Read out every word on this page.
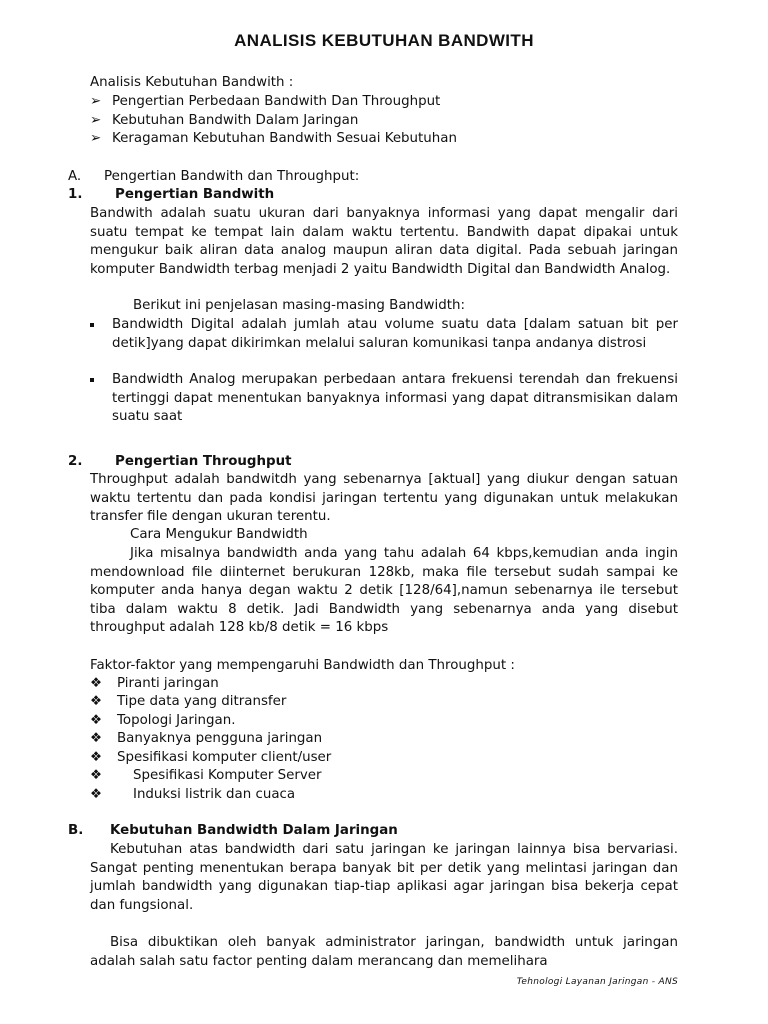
ANALISIS KEBUTUHAN BANDWITH
Analisis Kebutuhan Bandwith :
➢ Pengertian Perbedaan Bandwith Dan Throughput
➢ Kebutuhan Bandwith Dalam Jaringan
➢ Keragaman Kebutuhan Bandwith Sesuai Kebutuhan
A. Pengertian Bandwith dan Throughput:
1. Pengertian Bandwith

Bandwith adalah suatu ukuran dari banyaknya informasi yang dapat mengalir dari suatu tempat ke tempat lain dalam waktu tertentu. Bandwith dapat dipakai untuk mengukur baik aliran data analog maupun aliran data digital. Pada sebuah jaringan komputer Bandwidth terbag menjadi 2 yaitu Bandwidth Digital dan Bandwidth Analog.

Berikut ini penjelasan masing-masing Bandwidth:

Bandwidth Digital adalah jumlah atau volume suatu data [dalam satuan bit per detik]yang dapat dikirimkan melalui saluran komunikasi tanpa andanya distrosi

Bandwidth Analog merupakan perbedaan antara frekuensi terendah dan frekuensi tertinggi dapat menentukan banyaknya informasi yang dapat ditransmisikan dalam suatu saat

2. Pengertian Throughput

Throughput adalah bandwitdh yang sebenarnya [aktual] yang diukur dengan satuan waktu tertentu dan pada kondisi jaringan tertentu yang digunakan untuk melakukan transfer file dengan ukuran terentu.

Cara Mengukur Bandwidth

Jika misalnya bandwidth anda yang tahu adalah 64 kbps,kemudian anda ingin mendownload file diinternet berukuran 128kb, maka file tersebut sudah sampai ke komputer anda hanya degan waktu 2 detik [128/64],namun sebenarnya ile tersebut tiba dalam waktu 8 detik. Jadi Bandwidth yang sebenarnya anda yang disebut throughput adalah 128 kb/8 detik = 16 kbps

Faktor-faktor yang mempengaruhi Bandwidth dan Throughput :
❖ Piranti jaringan
❖ Tipe data yang ditransfer
❖ Topologi Jaringan.
❖ Banyaknya pengguna jaringan
❖ Spesifikasi komputer client/user
❖ Spesifikasi Komputer Server
❖ Induksi listrik dan cuaca
B. Kebutuhan Bandwidth Dalam Jaringan

Kebutuhan atas bandwidth dari satu jaringan ke jaringan lainnya bisa bervariasi. Sangat penting menentukan berapa banyak bit per detik yang melintasi jaringan dan jumlah bandwidth yang digunakan tiap-tiap aplikasi agar jaringan bisa bekerja cepat dan fungsional.

Bisa dibuktikan oleh banyak administrator jaringan, bandwidth untuk jaringan adalah salah satu factor penting dalam merancang dan memelihara

Tehnologi Layanan Jaringan - ANS
